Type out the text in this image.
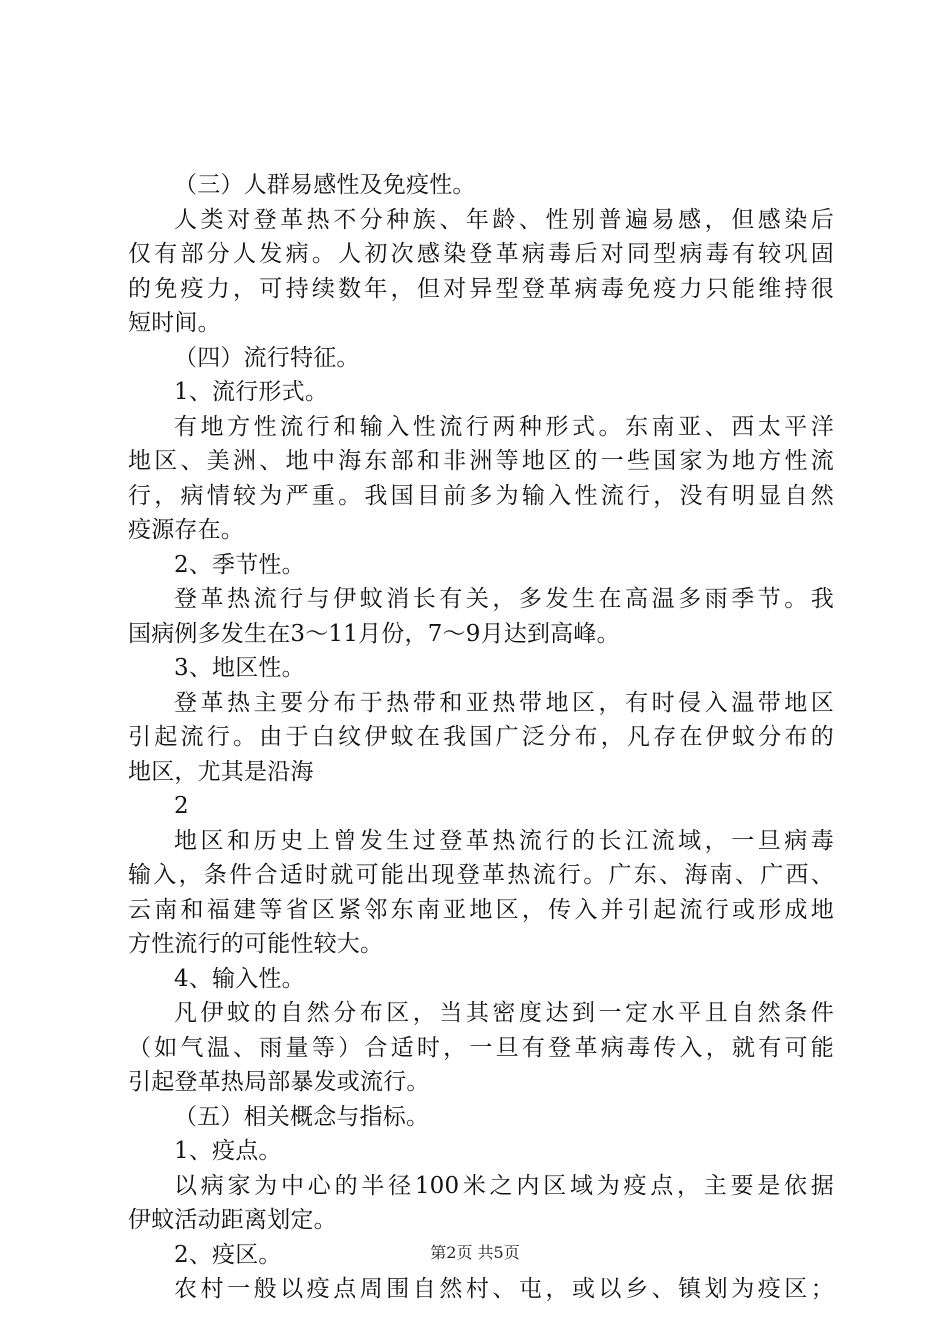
（三）人群易感性及免疫性。
人类对登革热不分种族、年龄、性别普遍易感，但感染后
仅有部分人发病。人初次感染登革病毒后对同型病毒有较巩固
的免疫力，可持续数年，但对异型登革病毒免疫力只能维持很
短时间。
（四）流行特征。
1、流行形式。
有地方性流行和输入性流行两种形式。东南亚、西太平洋
地区、美洲、地中海东部和非洲等地区的一些国家为地方性流
行，病情较为严重。我国目前多为输入性流行，没有明显自然
疫源存在。
2、季节性。
登革热流行与伊蚊消长有关，多发生在高温多雨季节。我
国病例多发生在3～11月份，7～9月达到高峰。
3、地区性。
登革热主要分布于热带和亚热带地区，有时侵入温带地区
引起流行。由于白纹伊蚊在我国广泛分布，凡存在伊蚊分布的
地区，尤其是沿海
2
地区和历史上曾发生过登革热流行的长江流域，一旦病毒
输入，条件合适时就可能出现登革热流行。广东、海南、广西、
云南和福建等省区紧邻东南亚地区，传入并引起流行或形成地
方性流行的可能性较大。
4、输入性。
凡伊蚊的自然分布区，当其密度达到一定水平且自然条件
（如气温、雨量等）合适时，一旦有登革病毒传入，就有可能
引起登革热局部暴发或流行。
（五）相关概念与指标。
1、疫点。
以病家为中心的半径100米之内区域为疫点，主要是依据
伊蚊活动距离划定。
2、疫区。
农村一般以疫点周围自然村、屯，或以乡、镇划为疫区；
第2页 共5页
